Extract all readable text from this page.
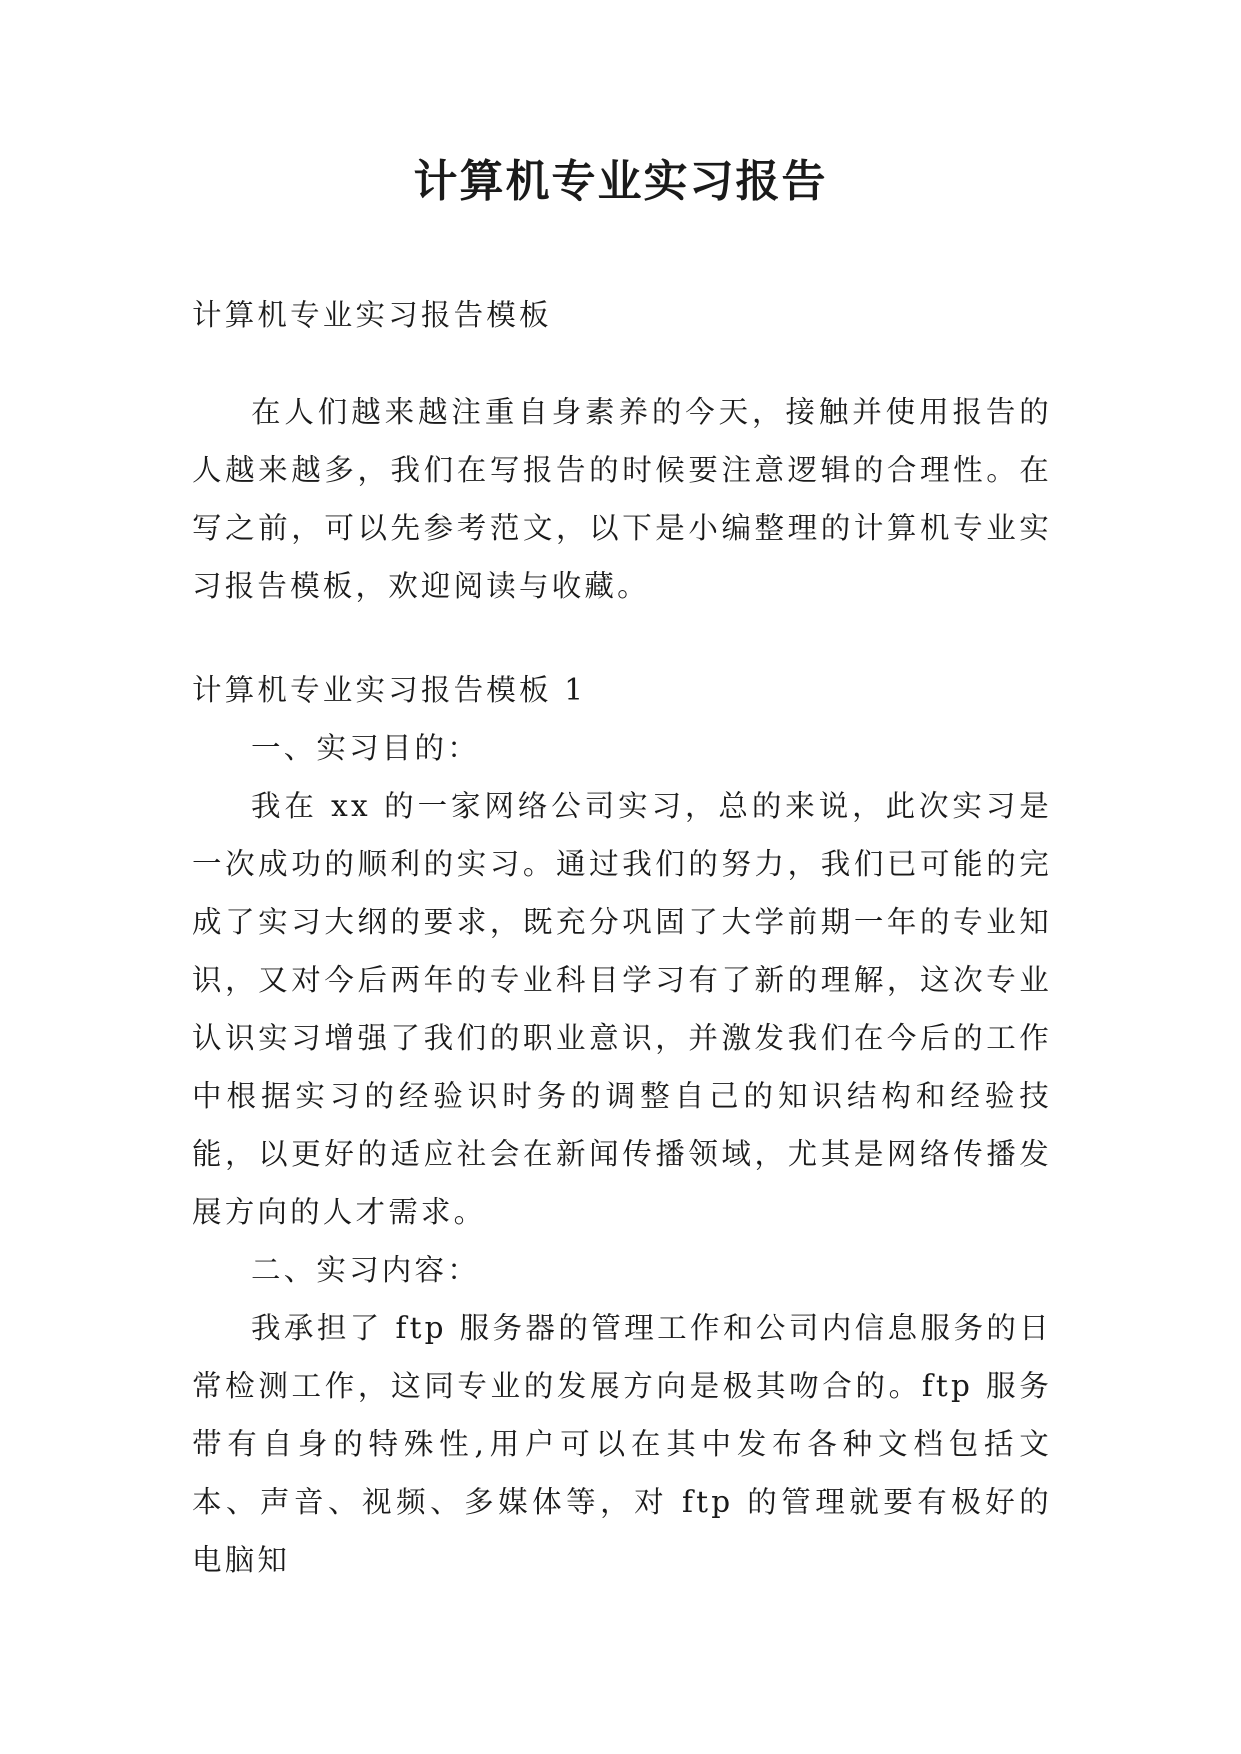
计算机专业实习报告

计算机专业实习报告模板

在人们越来越注重自身素养的今天，接触并使用报告的人越来越多，我们在写报告的时候要注意逻辑的合理性。在写之前，可以先参考范文，以下是小编整理的计算机专业实习报告模板，欢迎阅读与收藏。

计算机专业实习报告模板 1

一、实习目的：

我在 xx 的一家网络公司实习，总的来说，此次实习是一次成功的顺利的实习。通过我们的努力，我们已可能的完成了实习大纲的要求，既充分巩固了大学前期一年的专业知识，又对今后两年的专业科目学习有了新的理解，这次专业认识实习增强了我们的职业意识，并激发我们在今后的工作中根据实习的经验识时务的调整自己的知识结构和经验技能，以更好的适应社会在新闻传播领域，尤其是网络传播发展方向的人才需求。

二、实习内容：

我承担了 ftp 服务器的管理工作和公司内信息服务的日常检测工作，这同专业的发展方向是极其吻合的。ftp 服务带有自身的特殊性,用户可以在其中发布各种文档包括文本、声音、视频、多媒体等，对 ftp 的管理就要有极好的电脑知
